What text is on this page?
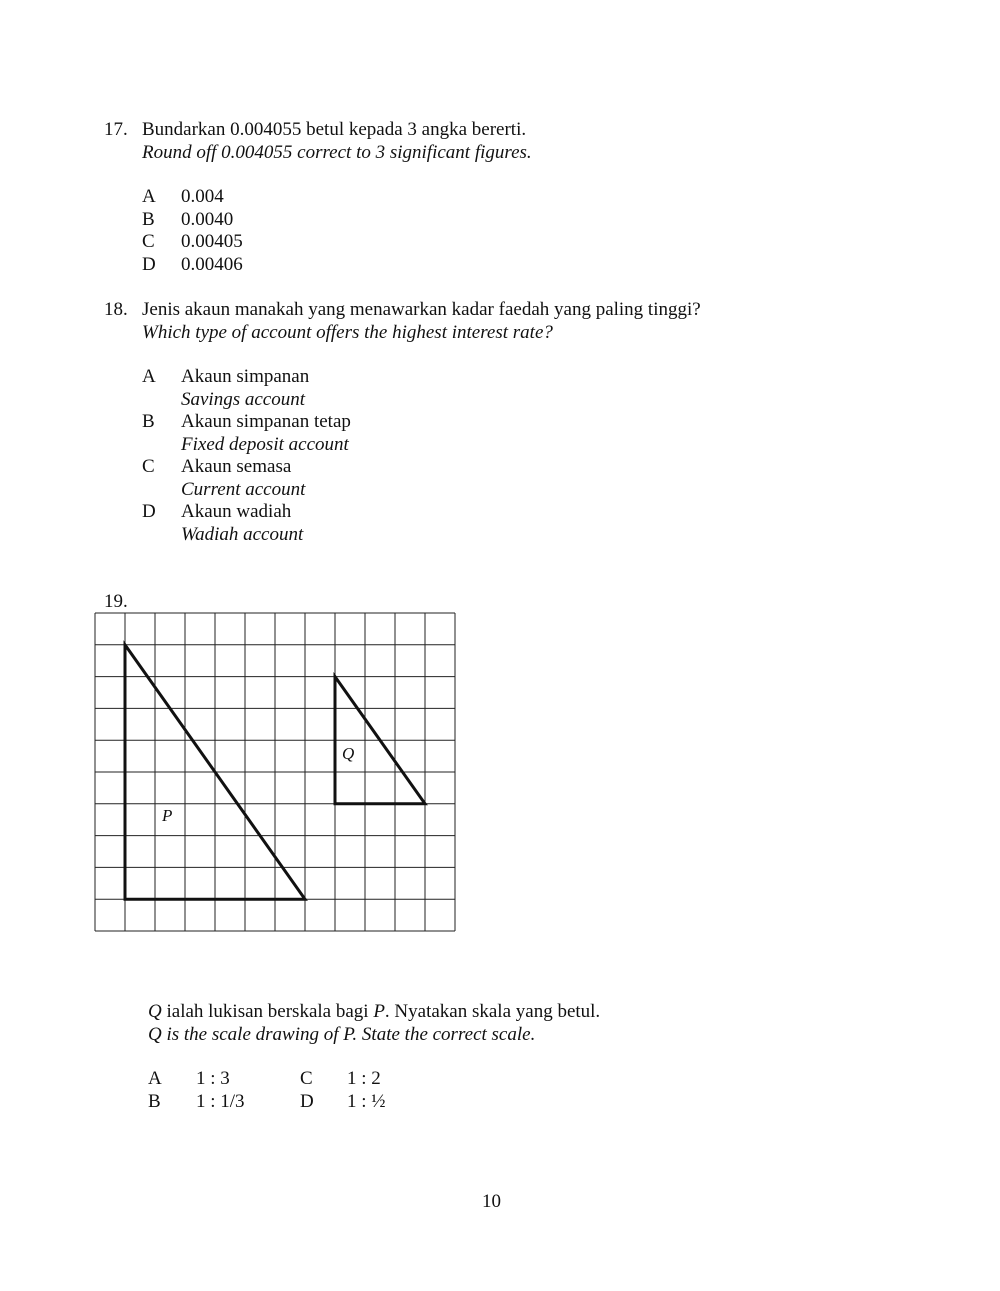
17. Bundarkan 0.004055 betul kepada 3 angka bererti.
Round off 0.004055 correct to 3 significant figures.
A	0.004
B	0.0040
C	0.00405
D	0.00406
18. Jenis akaun manakah yang menawarkan kadar faedah yang paling tinggi?
Which type of account offers the highest interest rate?
A	Akaun simpanan
Savings account
B	Akaun simpanan tetap
Fixed deposit account
C	Akaun semasa
Current account
D	Akaun wadiah
Wadiah account
19.
P
Q
Q ialah lukisan berskala bagi P. Nyatakan skala yang betul.
Q is the scale drawing of P. State the correct scale.
A	1 : 3
B	1 : 1/3
C	1 : 2
D	1 : ½
10
